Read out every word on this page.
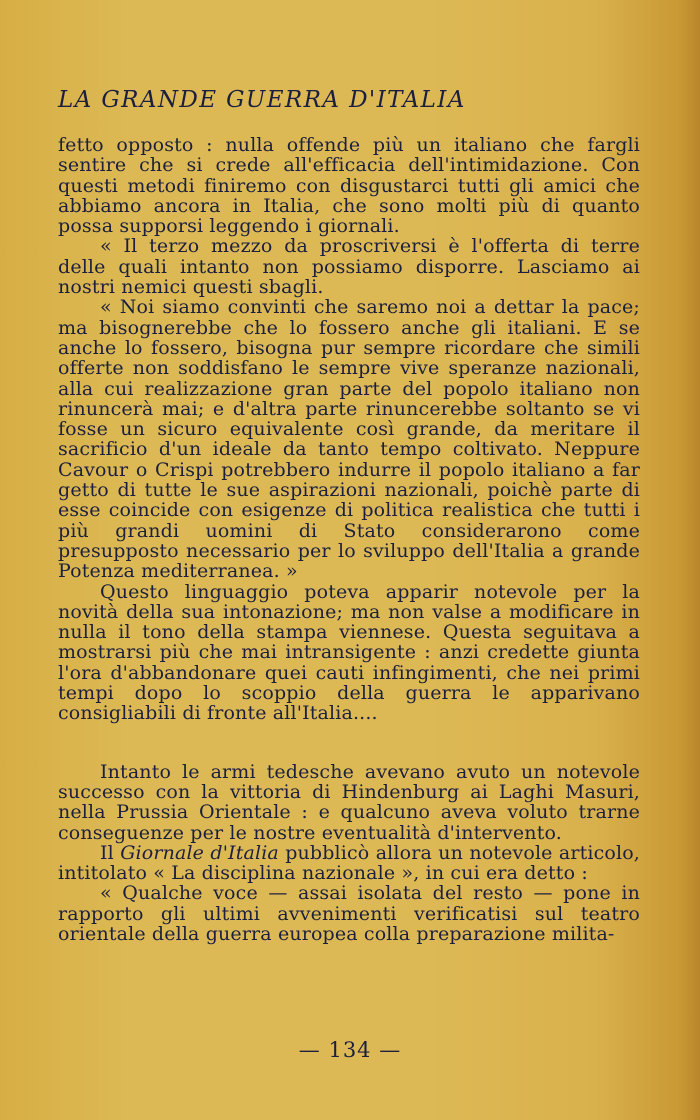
LA GRANDE GUERRA D'ITALIA

fetto opposto : nulla offende più un italiano che fargli sentire che si crede all'efficacia dell'intimidazione. Con questi metodi finiremo con disgustarci tutti gli amici che abbiamo ancora in Italia, che sono molti più di quanto possa supporsi leggendo i giornali.

« Il terzo mezzo da proscriversi è l'offerta di terre delle quali intanto non possiamo disporre. Lasciamo ai nostri nemici questi sbagli.

« Noi siamo convinti che saremo noi a dettar la pace; ma bisognerebbe che lo fossero anche gli italiani. E se anche lo fossero, bisogna pur sempre ricordare che simili offerte non soddisfano le sempre vive speranze nazionali, alla cui realizzazione gran parte del popolo italiano non rinuncerà mai; e d'altra parte rinuncerebbe soltanto se vi fosse un sicuro equivalente così grande, da meritare il sacrificio d'un ideale da tanto tempo coltivato. Neppure Cavour o Crispi potrebbero indurre il popolo italiano a far getto di tutte le sue aspirazioni nazionali, poichè parte di esse coincide con esigenze di politica realistica che tutti i più grandi uomini di Stato considerarono come presupposto necessario per lo sviluppo dell'Italia a grande Potenza mediterranea. »

Questo linguaggio poteva apparir notevole per la novità della sua intonazione; ma non valse a modificare in nulla il tono della stampa viennese. Questa seguitava a mostrarsi più che mai intransigente : anzi credette giunta l'ora d'abbandonare quei cauti infingimenti, che nei primi tempi dopo lo scoppio della guerra le apparivano consigliabili di fronte all'Italia....

Intanto le armi tedesche avevano avuto un notevole successo con la vittoria di Hindenburg ai Laghi Masuri, nella Prussia Orientale : e qualcuno aveva voluto trarne conseguenze per le nostre eventualità d'intervento.

Il Giornale d'Italia pubblicò allora un notevole articolo, intitolato « La disciplina nazionale », in cui era detto :

« Qualche voce — assai isolata del resto — pone in rapporto gli ultimi avvenimenti verificatisi sul teatro orientale della guerra europea colla preparazione milita-

— 134 —
